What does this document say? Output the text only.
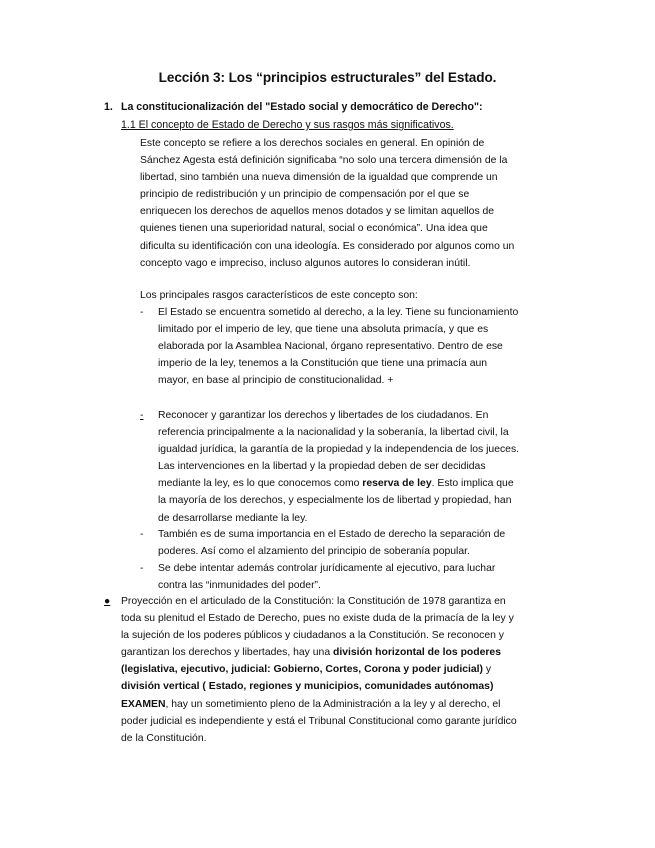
Lección 3: Los “principios estructurales” del Estado.
1. La constitucionalización del "Estado social y democrático de Derecho":
1.1 El concepto de Estado de Derecho y sus rasgos más significativos.

Este concepto se refiere a los derechos sociales en general. En opinión de Sánchez Agesta está definición significaba “no solo una tercera dimensión de la libertad, sino también una nueva dimensión de la igualdad que comprende un principio de redistribución y un principio de compensación por el que se enriquecen los derechos de aquellos menos dotados y se limitan aquellos de quienes tienen una superioridad natural, social o económica”. Una idea que dificulta su identificación con una ideología. Es considerado por algunos como un concepto vago e impreciso, incluso algunos autores lo consideran inútil.

Los principales rasgos característicos de este concepto son:

- El Estado se encuentra sometido al derecho, a la ley. Tiene su funcionamiento limitado por el imperio de ley, que tiene una absoluta primacía, y que es elaborada por la Asamblea Nacional, órgano representativo. Dentro de ese imperio de la ley, tenemos a la Constitución que tiene una primacía aun mayor, en base al principio de constitucionalidad. +
- Reconocer y garantizar los derechos y libertades de los ciudadanos. En referencia principalmente a la nacionalidad y la soberanía, la libertad civil, la igualdad jurídica, la garantía de la propiedad y la independencia de los jueces. Las intervenciones en la libertad y la propiedad deben de ser decididas mediante la ley, es lo que conocemos como reserva de ley. Esto implica que la mayoría de los derechos, y especialmente los de libertad y propiedad, han de desarrollarse mediante la ley.
- También es de suma importancia en el Estado de derecho la separación de poderes. Así como el alzamiento del principio de soberanía popular.
- Se debe intentar además controlar jurídicamente al ejecutivo, para luchar contra las “inmunidades del poder”.
● Proyección en el articulado de la Constitución: la Constitución de 1978 garantiza en toda su plenitud el Estado de Derecho, pues no existe duda de la primacía de la ley y la sujeción de los poderes públicos y ciudadanos a la Constitución. Se reconocen y garantizan los derechos y libertades, hay una división horizontal de los poderes (legislativa, ejecutivo, judicial: Gobierno, Cortes, Corona y poder judicial) y división vertical ( Estado, regiones y municipios, comunidades autónomas) EXAMEN, hay un sometimiento pleno de la Administración a la ley y al derecho, el poder judicial es independiente y está el Tribunal Constitucional como garante jurídico de la Constitución.
